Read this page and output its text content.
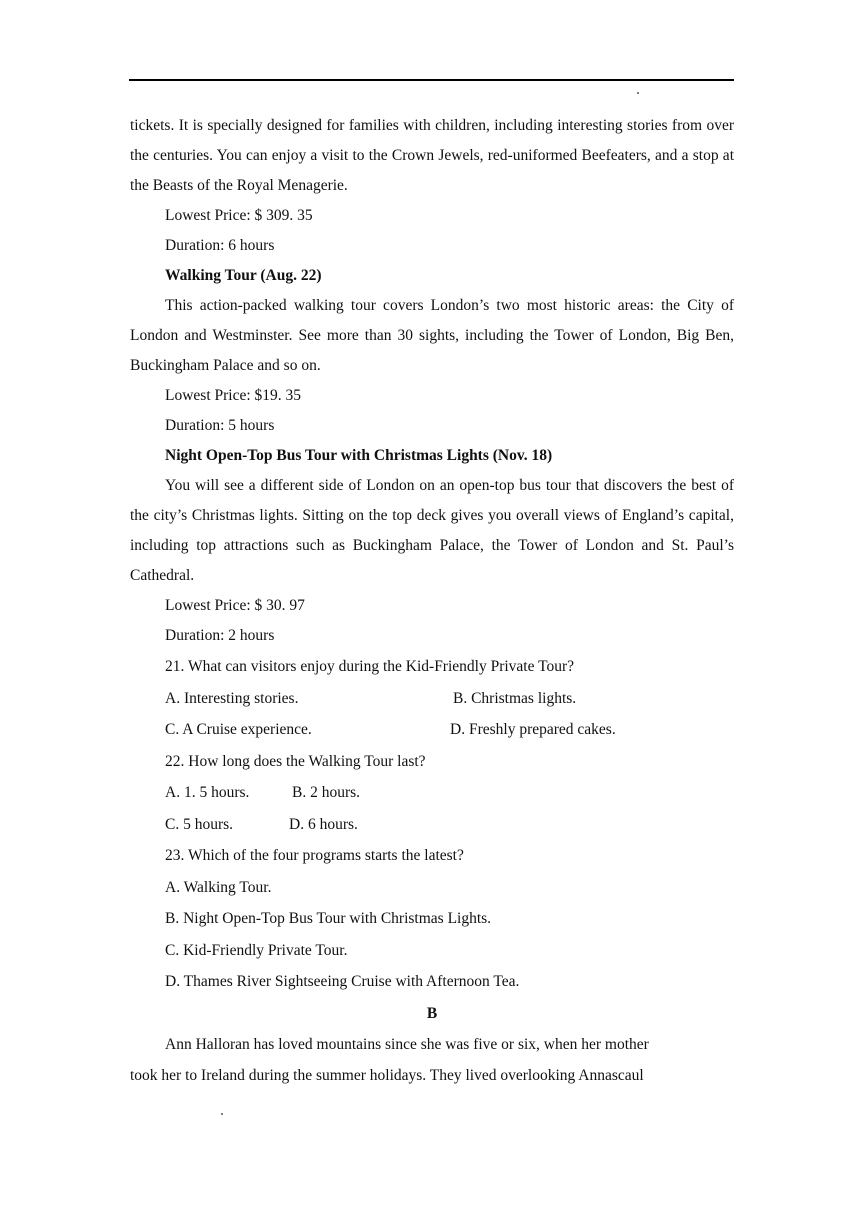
tickets. It is specially designed for families with children, including interesting stories from over the centuries. You can enjoy a visit to the Crown Jewels, red-uniformed Beefeaters, and a stop at the Beasts of the Royal Menagerie.

Lowest Price: $ 309. 35
Duration: 6 hours
Walking Tour (Aug. 22)

This action-packed walking tour covers London’s two most historic areas: the City of London and Westminster. See more than 30 sights, including the Tower of London, Big Ben, Buckingham Palace and so on.

Lowest Price: $19. 35
Duration: 5 hours
Night Open-Top Bus Tour with Christmas Lights (Nov. 18)

You will see a different side of London on an open-top bus tour that discovers the best of the city’s Christmas lights. Sitting on the top deck gives you overall views of England’s capital, including top attractions such as Buckingham Palace, the Tower of London and St. Paul’s Cathedral.

Lowest Price: $ 30. 97
Duration: 2 hours
21. What can visitors enjoy during the Kid-Friendly Private Tour?
A. Interesting stories.	B. Christmas lights.
C. A Cruise experience.	D. Freshly prepared cakes.
22. How long does the Walking Tour last?
A. 1. 5 hours.	B. 2 hours.
C. 5 hours.	D. 6 hours.
23. Which of the four programs starts the latest?
A. Walking Tour.
B. Night Open-Top Bus Tour with Christmas Lights.
C. Kid-Friendly Private Tour.
D. Thames River Sightseeing Cruise with Afternoon Tea.
B
Ann Halloran has loved mountains since she was five or six, when her mother
took her to Ireland during the summer holidays. They lived overlooking Annascaul
